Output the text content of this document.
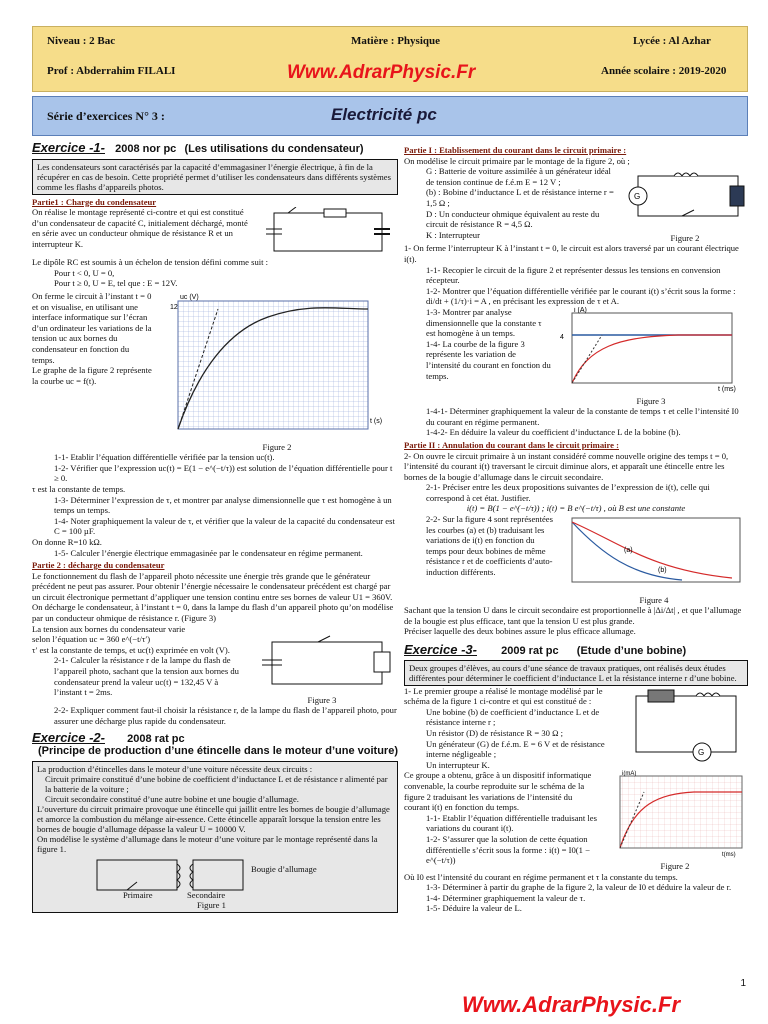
Niveau : 2 Bac	Matière : Physique	Lycée : Al Azhar
Prof : Abderrahim FILALI	Www.AdrarPhysic.Fr	Année scolaire : 2019-2020
Série d’exercices N° 3 :	Electricité pc
Exercice -1- 2008 nor pc (Les utilisations du condensateur)
Les condensateurs sont caractérisés par la capacité d’emmagasiner l’énergie électrique, à fin de la récupérer en cas de besoin. Cette propriété permet d’utiliser les condensateurs dans différents systèmes comme les flashs d’appareils photos.
Partie1 : Charge du condensateur
On réalise le montage représenté ci-contre et qui est constitué d’un condensateur de capacité C, initialement déchargé, monté en série avec un conducteur ohmique de résistance R et un interrupteur K.
Le dipôle RC est soumis à un échelon de tension défini comme suit :
Pour t < 0, U = 0,
Pour t ≥ 0, U = E, tel que : E = 12V.
On ferme le circuit à l’instant t = 0 et on visualise, en utilisant une interface informatique sur l’écran d’un ordinateur les variations de la tension uc aux bornes du condensateur en fonction du temps.
Le graphe de la figure 2 représente la courbe uc = f(t).
12
uc (V)
t (s)
Figure 2
1-1- Etablir l’équation différentielle vérifiée par la tension uc(t).
1-2- Vérifier que l’expression uc(t) = E(1 − e^(−t/τ)) est solution de l’équation différentielle pour t ≥ 0.
τ est la constante de temps.
1-3- Déterminer l’expression de τ, et montrer par analyse dimensionnelle que τ est homogène à un temps un temps.
1-4- Noter graphiquement la valeur de τ, et vérifier que la valeur de la capacité du condensateur est C = 100 µF.
On donne R=10 kΩ.
1-5- Calculer l’énergie électrique emmagasinée par le condensateur en régime permanent.
Partie 2 : décharge du condensateur
Le fonctionnement du flash de l’appareil photo nécessite une énergie très grande que le générateur précédent ne peut pas assurer. Pour obtenir l’énergie nécessaire le condensateur précédent est chargé par un circuit électronique permettant d’appliquer une tension continu entre ses bornes de valeur U1 = 360V.
On décharge le condensateur, à l’instant t = 0, dans la lampe du flash d’un appareil photo qu’on modélise par un conducteur ohmique de résistance r. (Figure 3)
La tension aux bornes du condensateur varie
selon l’équation uc = 360 e^(−t/τ′)
τ′ est la constante de temps, et uc(t) exprimée en volt (V).
2-1- Calculer la résistance r de la lampe du flash de l’appareil photo, sachant que la tension aux bornes du condensateur prend la valeur uc(t) = 132,45 V à l’instant t = 2ms.
Figure 3
2-2- Expliquer comment faut-il choisir la résistance r, de la lampe du flash de l’appareil photo, pour assurer une décharge plus rapide du condensateur.
Exercice -2- 2008 rat pc
(Principe de production d’une étincelle dans le moteur d’une voiture)
La production d’étincelles dans le moteur d’une voiture nécessite deux circuits :
Circuit primaire constitué d’une bobine de coefficient d’inductance L et de résistance r alimenté par la batterie de la voiture ;
Circuit secondaire constitué d’une autre bobine et une bougie d’allumage.
L’ouverture du circuit primaire provoque une étincelle qui jaillit entre les bornes de bougie d’allumage et amorce la combustion du mélange air-essence. Cette étincelle apparaît lorsque la tension entre les bornes de bougie d’allumage dépasse la valeur U = 10000 V.
On modélise le système d’allumage dans le moteur d’une voiture par le montage représenté dans la figure 1.
Bougie d’allumage
Primaire	Secondaire
Figure 1
Partie I : Etablissement du courant dans le circuit primaire :
On modélise le circuit primaire par le montage de la figure 2, où ;
G : Batterie de voiture assimilée à un générateur idéal de tension continue de f.é.m E = 12 V ;
(b) : Bobine d’inductance L et de résistance interne r = 1,5 Ω ;
D : Un conducteur ohmique équivalent au reste du circuit de résistance R = 4,5 Ω.
K : Interrupteur
G
Figure 2
1- On ferme l’interrupteur K à l’instant t = 0, le circuit est alors traversé par un courant électrique i(t).
1-1- Recopier le circuit de la figure 2 et représenter dessus les tensions en convension récepteur.
1-2- Montrer que l’équation différentielle vérifiée par le courant i(t) s’écrit sous la forme : di/dt + (1/τ)·i = A , en précisant les expression de τ et A.
1-3- Montrer par analyse dimensionnelle que la constante τ est homogène à un temps.
1-4- La courbe de la figure 3 représente les variation de l’intensité du courant en fonction du temps.
4
i (A)
t (ms)
Figure 3
1-4-1- Déterminer graphiquement la valeur de la constante de temps τ et celle l’intensité I0 du courant en régime permanent.
1-4-2- En déduire la valeur du coefficient d’inductance L de la bobine (b).
Partie II : Annulation du courant dans le circuit primaire :
2- On ouvre le circuit primaire à un instant considéré comme nouvelle origine des temps t = 0, l’intensité du courant i(t) traversant le circuit diminue alors, et apparaît une étincelle entre les bornes de la bougie d’allumage dans le circuit secondaire.
2-1- Préciser entre les deux propositions suivantes de l’expression de i(t), celle qui correspond à cet état. Justifier.
i(t) = B(1 − e^(−t/τ)) ; i(t) = B e^(−t/τ) , où B est une constante
2-2- Sur la figure 4 sont représentées les courbes (a) et (b) traduisant les variations de i(t) en fonction du temps pour deux bobines de même résistance r et de coefficients d’auto-induction différents.
(a)
(b)
Figure 4
Sachant que la tension U dans le circuit secondaire est proportionnelle à |Δi/Δt| , et que l’allumage de la bougie est plus efficace, tant que la tension U est plus grande.
Préciser laquelle des deux bobines assure le plus efficace allumage.
Exercice -3- 2009 rat pc (Etude d’une bobine)
Deux groupes d’élèves, au cours d’une séance de travaux pratiques, ont réalisés deux études différentes pour déterminer le coefficient d’inductance L et la résistance interne r d’une bobine.
1- Le premier groupe a réalisé le montage modélisé par le schéma de la figure 1 ci-contre et qui est constitué de :
Une bobine (b) de coefficient d’inductance L et de résistance interne r ;
Un résistor (D) de résistance R = 30 Ω ;
Un générateur (G) de f.é.m. E = 6 V et de résistance interne négligeable ;
Un interrupteur K.
G
Ce groupe a obtenu, grâce à un dispositif informatique convenable, la courbe reproduite sur le schéma de la figure 2 traduisant les variations de l’intensité du courant i(t) en fonction du temps.
1-1- Etablir l’équation différentielle traduisant les variations du courant i(t).
1-2- S’assurer que la solution de cette équation différentielle s’écrit sous la forme : i(t) = I0(1 − e^(−t/τ))
i(mA)
t(ms)
Figure 2
Où I0 est l’intensité du courant en régime permanent et τ la constante du temps.
1-3- Déterminer à partir du graphe de la figure 2, la valeur de I0 et déduire la valeur de r.
1-4- Déterminer graphiquement la valeur de τ.
1-5- Déduire la valeur de L.
Www.AdrarPhysic.Fr
1
